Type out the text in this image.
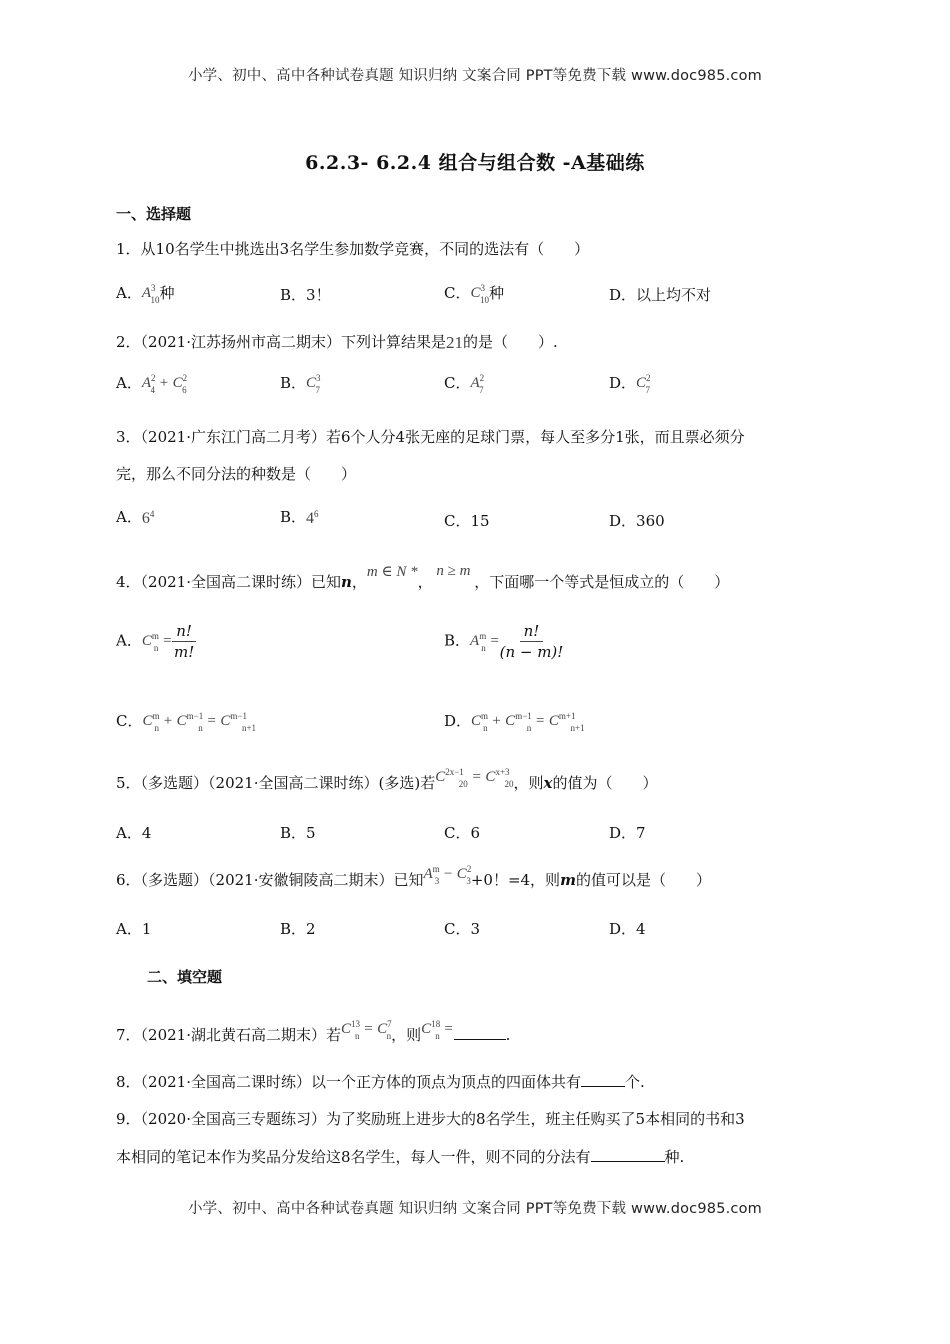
小学、初中、高中各种试卷真题 知识归纳 文案合同 PPT等免费下载 www.doc985.com
6.2.3- 6.2.4 组合与组合数 -A基础练
一、选择题
1．从10名学生中挑选出3名学生参加数学竞赛，不同的选法有（　　）
A．$A^3_{10}$种	B．3！	C．$C^3_{10}$种	D．以上均不对
2．（2021·江苏扬州市高二期末）下列计算结果是21的是（　　）.
A．$A^2_4 + C^2_6$	B．$C^3_7$	C．$A^2_7$	D．$C^2_7$
3．（2021·广东江门高二月考）若6个人分4张无座的足球门票，每人至多分1张，而且票必须分
完，那么不同分法的种数是（　　）
A．$6^4$	B．$4^6$	C．15	D．360
4．（2021·全国高二课时练）已知n，m ∈ N *， n ≥ m ，下面哪一个等式是恒成立的（　　）
A．$C^m_n = \frac{n!}{m!}$	B．$A^m_n = \frac{n!}{(n - m)!}$
C．$C^m_n + C^{m-1}_n = C^{m-1}_{n+1}$	D．$C^m_n + C^{m-1}_n = C^{m+1}_{n+1}$
5．（多选题）（2021·全国高二课时练）(多选)若$C^{2x-1}_{20} = C^{x+3}_{20}$，则x的值为（　　）
A．4	B．5	C．6	D．7
6．（多选题）（2021·安徽铜陵高二期末）已知$A^m_3 - C^2_3+0$！=4，则m的值可以是（　　）
A．1	B．2	C．3	D．4
二、填空题
7．（2021·湖北黄石高二期末）若$C^{13}_n = C^7_n$，则$C^{18}_n$ =	.
8．（2021·全国高二课时练）以一个正方体的顶点为顶点的四面体共有	个.
9．（2020·全国高三专题练习）为了奖励班上进步大的8名学生，班主任购买了5本相同的书和3
本相同的笔记本作为奖品分发给这8名学生，每人一件，则不同的分法有	种.
小学、初中、高中各种试卷真题 知识归纳 文案合同 PPT等免费下载 www.doc985.com
